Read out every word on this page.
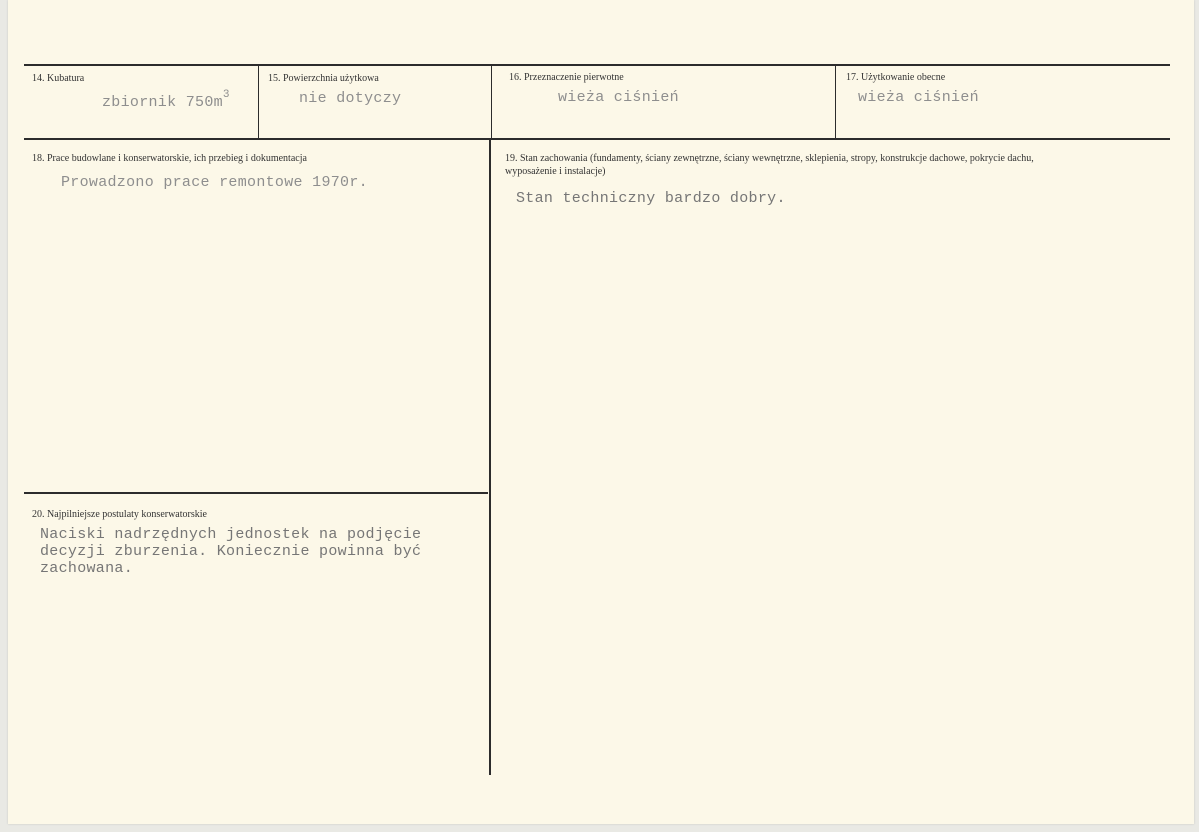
14. Kubatura
zbiornik $750m^3$
15. Powierzchnia użytkowa
nie dotyczy
16. Przeznaczenie pierwotne
wieża ciśnień
17. Użytkowanie obecne
wieża ciśnień
18. Prace budowlane i konserwatorskie, ich przebieg i dokumentacja
Prowadzono prace remontowe 1970r.
19. Stan zachowania (fundamenty, ściany zewnętrzne, ściany wewnętrzne, sklepienia, stropy, konstrukcje dachowe, pokrycie dachu, wyposażenie i instalacje)
Stan techniczny bardzo dobry.
20. Najpilniejsze postulaty konserwatorskie
Naciski nadrzędnych jednostek na podjęcie
decyzji zburzenia. Koniecznie powinna być
zachowana.
